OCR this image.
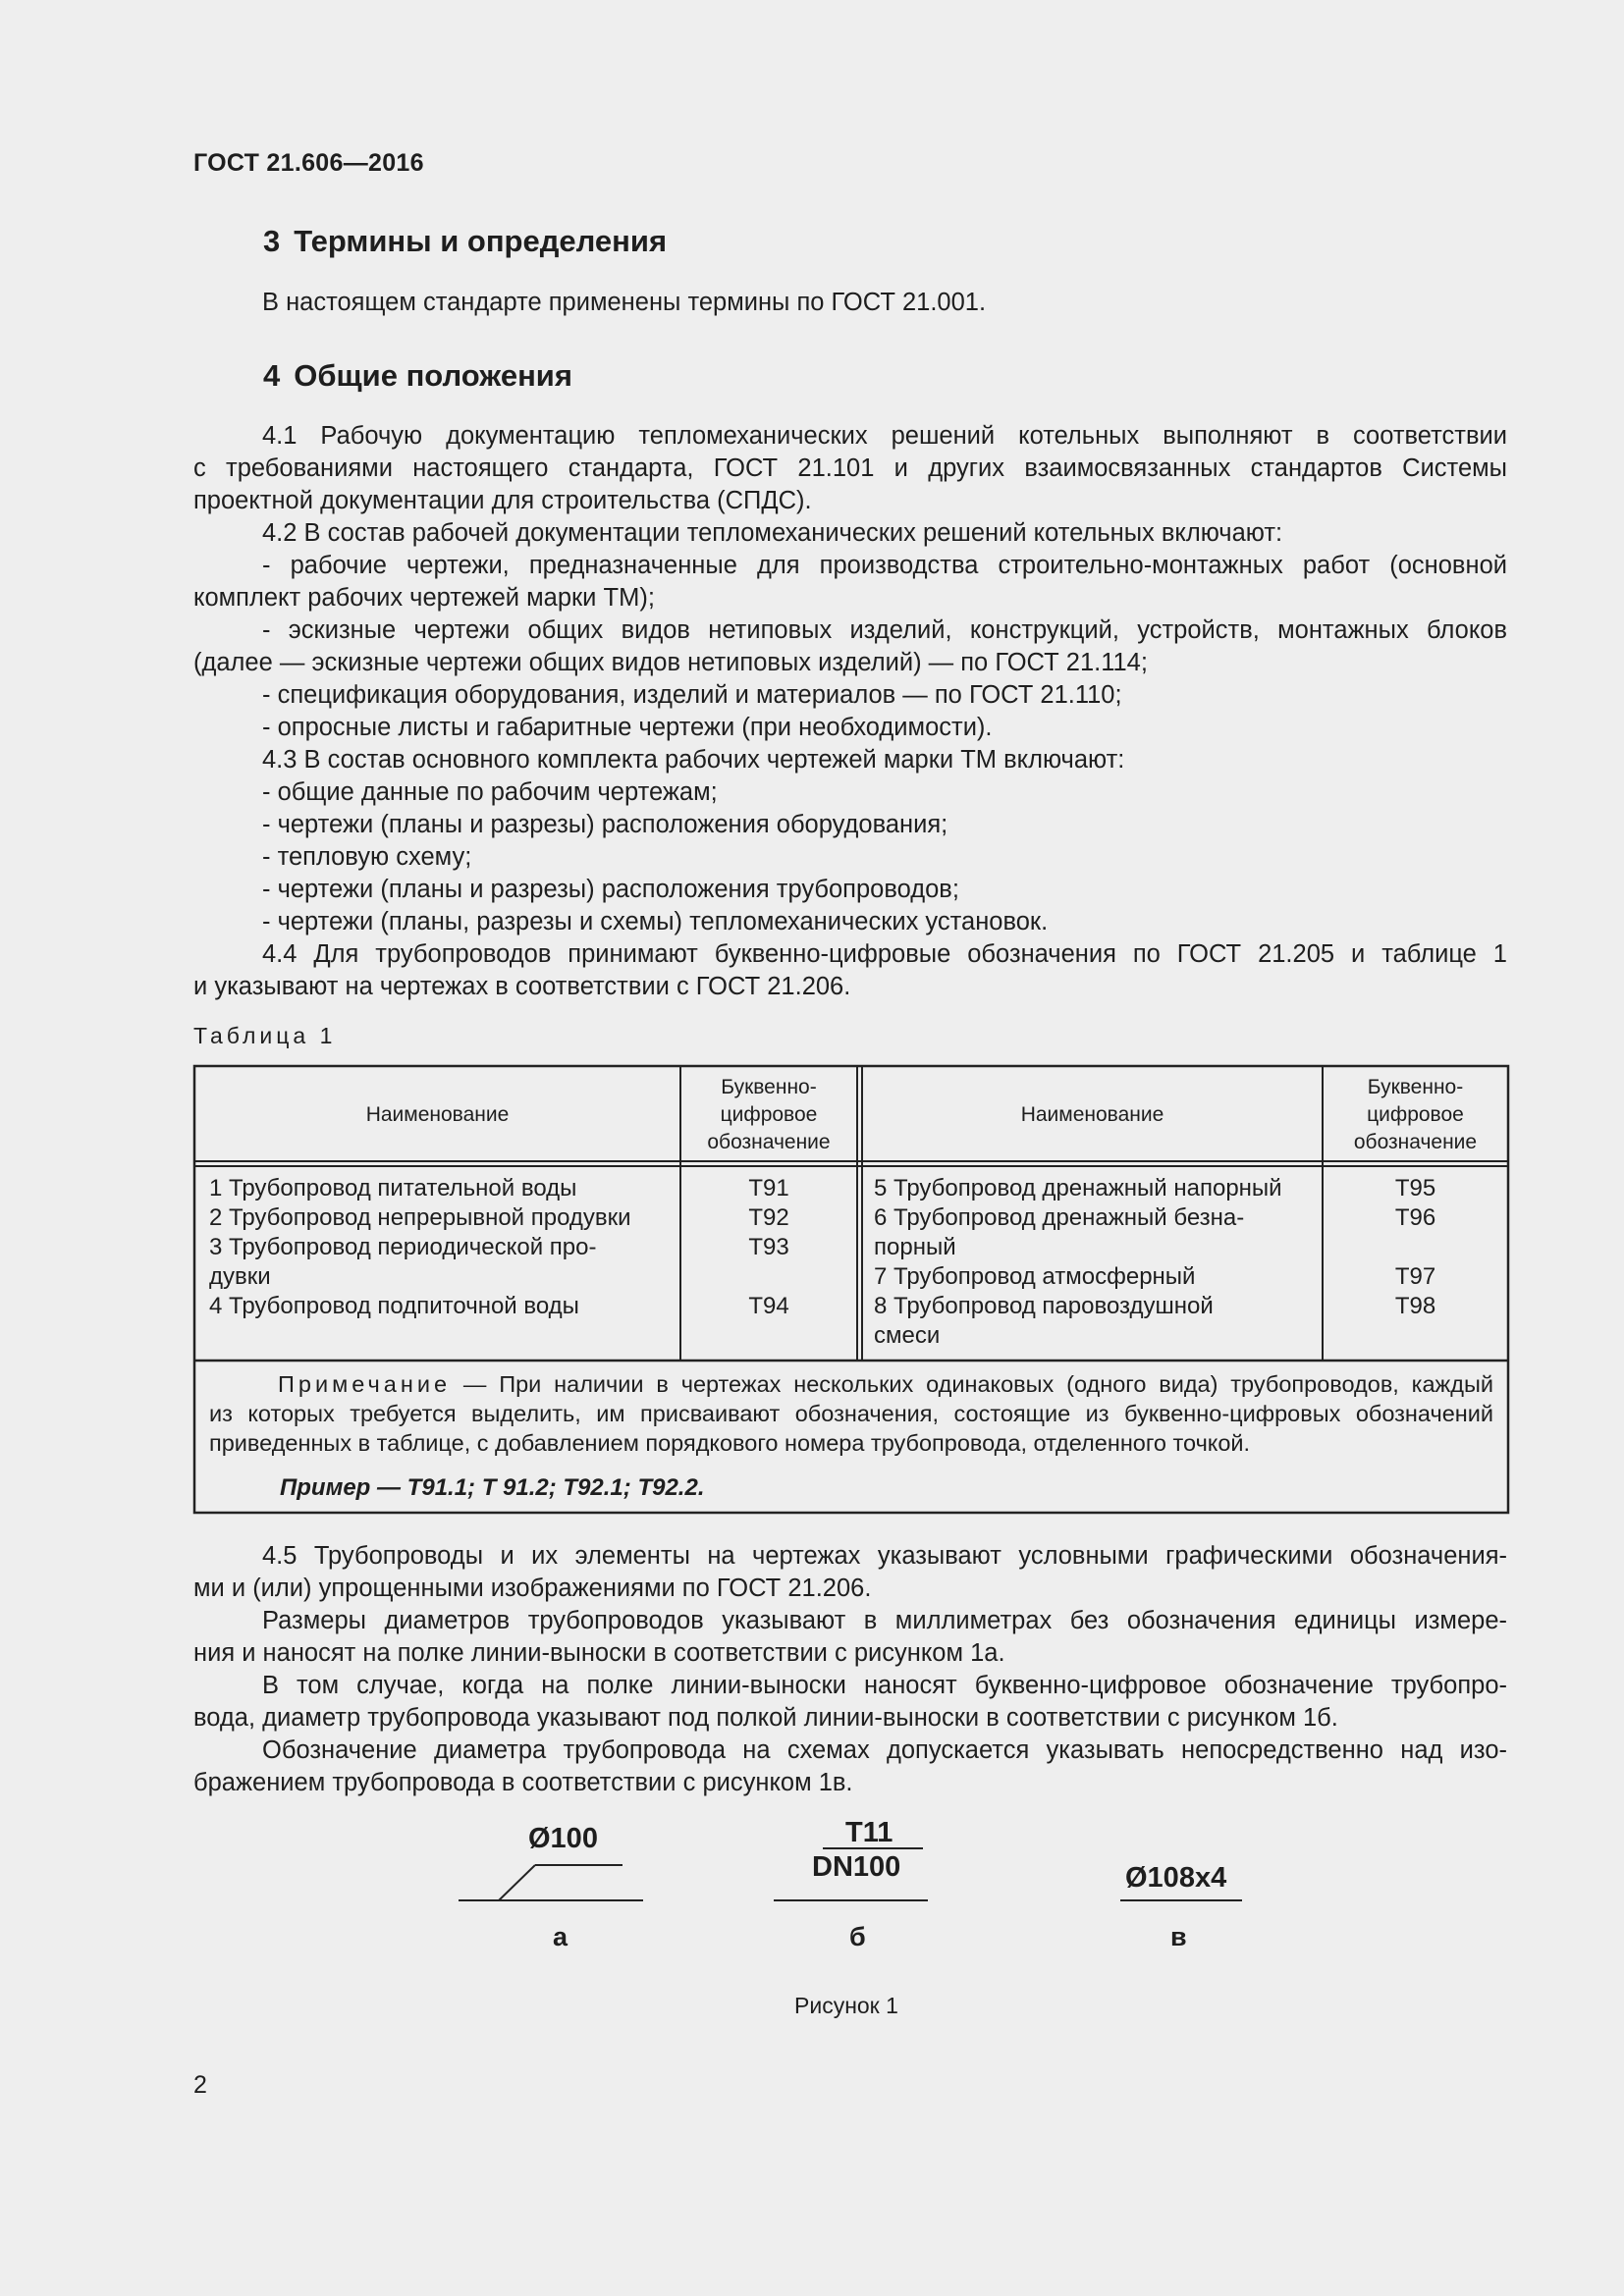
ГОСТ 21.606—2016
3 Термины и определения
В настоящем стандарте применены термины по ГОСТ 21.001.
4 Общие положения
4.1 Рабочую документацию тепломеханических решений котельных выполняют в соответствии
с требованиями настоящего стандарта, ГОСТ 21.101 и других взаимосвязанных стандартов Системы
проектной документации для строительства (СПДС).
4.2 В состав рабочей документации тепломеханических решений котельных включают:
- рабочие чертежи, предназначенные для производства строительно-монтажных работ (основной
комплект рабочих чертежей марки ТМ);
- эскизные чертежи общих видов нетиповых изделий, конструкций, устройств, монтажных блоков
(далее — эскизные чертежи общих видов нетиповых изделий) — по ГОСТ 21.114;
- спецификация оборудования, изделий и материалов — по ГОСТ 21.110;
- опросные листы и габаритные чертежи (при необходимости).
4.3 В состав основного комплекта рабочих чертежей марки ТМ включают:
- общие данные по рабочим чертежам;
- чертежи (планы и разрезы) расположения оборудования;
- тепловую схему;
- чертежи (планы и разрезы) расположения трубопроводов;
- чертежи (планы, разрезы и схемы) тепломеханических установок.
4.4 Для трубопроводов принимают буквенно-цифровые обозначения по ГОСТ 21.205 и таблице 1
и указывают на чертежах в соответствии с ГОСТ 21.206.
Таблица 1
Наименование
Буквенно-
цифровое
обозначение
Наименование
Буквенно-
цифровое
обозначение
1 Трубопровод питательной воды
2 Трубопровод непрерывной продувки
3 Трубопровод периодической про-
дувки
4 Трубопровод подпиточной воды
Т91
Т92
Т93
Т94
5 Трубопровод дренажный напорный
6 Трубопровод дренажный безна-
порный
7 Трубопровод атмосферный
8 Трубопровод паровоздушной
смеси
Т95
Т96
Т97
Т98
Примечание — При наличии в чертежах нескольких одинаковых (одного вида) трубопроводов, каждый
из которых требуется выделить, им присваивают обозначения, состоящие из буквенно-цифровых обозначений
приведенных в таблице, с добавлением порядкового номера трубопровода, отделенного точкой.
Пример — Т91.1; Т 91.2; Т92.1; Т92.2.
4.5 Трубопроводы и их элементы на чертежах указывают условными графическими обозначения-
ми и (или) упрощенными изображениями по ГОСТ 21.206.
Размеры диаметров трубопроводов указывают в миллиметрах без обозначения единицы измере-
ния и наносят на полке линии-выноски в соответствии с рисунком 1а.
В том случае, когда на полке линии-выноски наносят буквенно-цифровое обозначение трубопро-
вода, диаметр трубопровода указывают под полкой линии-выноски в соответствии с рисунком 1б.
Обозначение диаметра трубопровода на схемах допускается указывать непосредственно над изо-
бражением трубопровода в соответствии с рисунком 1в.
Ø100
а
Т11
DN100
б
Ø108х4
в
Рисунок 1
2
